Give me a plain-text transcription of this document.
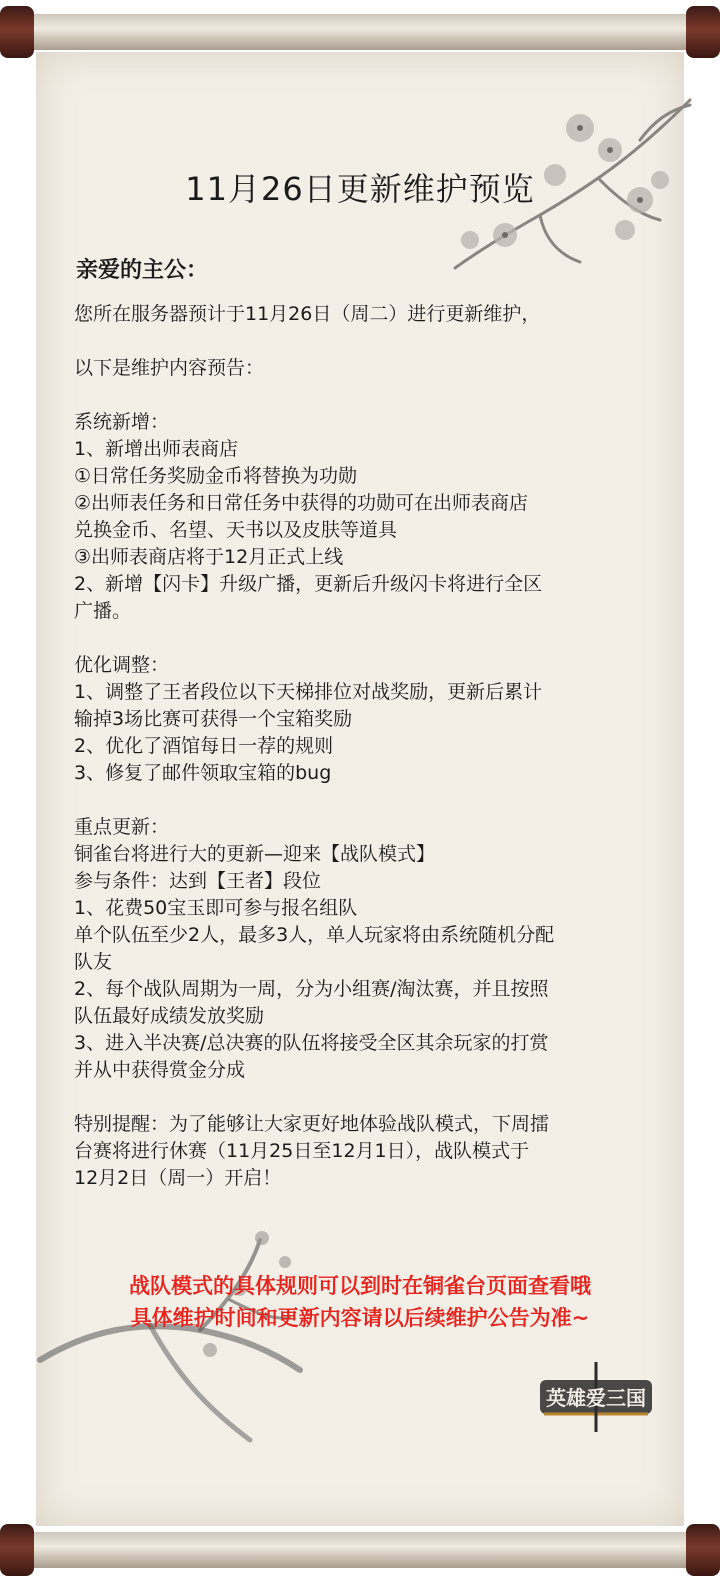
11月26日更新维护预览
亲爱的主公：

您所在服务器预计于11月26日（周二）进行更新维护，

以下是维护内容预告：

系统新增：

1、新增出师表商店

①日常任务奖励金币将替换为功勋

②出师表任务和日常任务中获得的功勋可在出师表商店

兑换金币、名望、天书以及皮肤等道具

③出师表商店将于12月正式上线

2、新增【闪卡】升级广播，更新后升级闪卡将进行全区

广播。

优化调整：

1、调整了王者段位以下天梯排位对战奖励，更新后累计

输掉3场比赛可获得一个宝箱奖励

2、优化了酒馆每日一荐的规则

3、修复了邮件领取宝箱的bug

重点更新：

铜雀台将进行大的更新—迎来【战队模式】

参与条件：达到【王者】段位

1、花费50宝玉即可参与报名组队

单个队伍至少2人，最多3人，单人玩家将由系统随机分配

队友

2、每个战队周期为一周，分为小组赛/淘汰赛，并且按照

队伍最好成绩发放奖励

3、进入半决赛/总决赛的队伍将接受全区其余玩家的打赏

并从中获得赏金分成

特别提醒：为了能够让大家更好地体验战队模式，下周擂

台赛将进行休赛（11月25日至12月1日），战队模式于

12月2日（周一）开启！

战队模式的具体规则可以到时在铜雀台页面查看哦
具体维护时间和更新内容请以后续维护公告为准~
英雄爱三国
